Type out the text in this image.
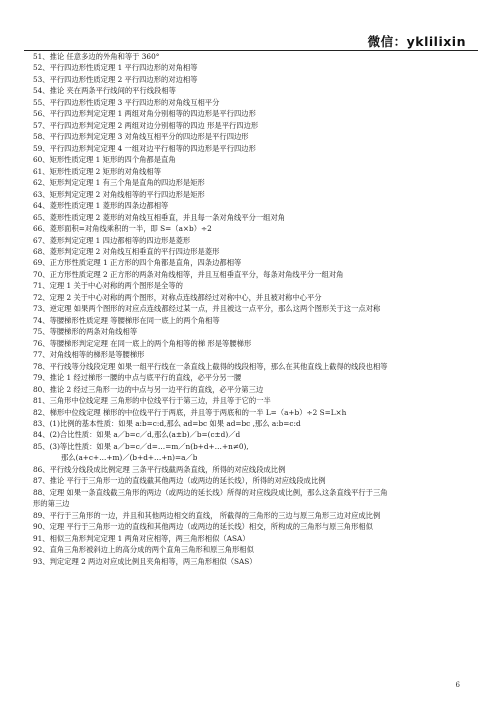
微信：yklilixin
51、推论 任意多边的外角和等于 360°
52、平行四边形性质定理 1 平行四边形的对角相等
53、平行四边形性质定理 2 平行四边形的对边相等
54、推论 夹在两条平行线间的平行线段相等
55、平行四边形性质定理 3 平行四边形的对角线互相平分
56、平行四边形判定定理 1 两组对角分别相等的四边形是平行四边形
57、平行四边形判定定理 2 两组对边分别相等的四边 形是平行四边形
58、平行四边形判定定理 3 对角线互相平分的四边形是平行四边形
59、平行四边形判定定理 4 一组对边平行相等的四边形是平行四边形
60、矩形性质定理 1 矩形的四个角都是直角
61、矩形性质定理 2 矩形的对角线相等
62、矩形判定定理 1 有三个角是直角的四边形是矩形
63、矩形判定定理 2 对角线相等的平行四边形是矩形
64、菱形性质定理 1 菱形的四条边都相等
65、菱形性质定理 2 菱形的对角线互相垂直，并且每一条对角线平分一组对角
66、菱形面积=对角线乘积的一半，即 S=（a×b）÷2
67、菱形判定定理 1 四边都相等的四边形是菱形
68、菱形判定定理 2 对角线互相垂直的平行四边形是菱形
69、正方形性质定理 1 正方形的四个角都是直角，四条边都相等
70、正方形性质定理 2 正方形的两条对角线相等，并且互相垂直平分，每条对角线平分一组对角
71、定理 1 关于中心对称的两个图形是全等的
72、定理 2 关于中心对称的两个图形，对称点连线都经过对称中心，并且被对称中心平分
73、逆定理 如果两个图形的对应点连线都经过某一点，并且被这一点平分，那么这两个图形关于这一点对称
74、等腰梯形性质定理 等腰梯形在同一底上的两个角相等
75、等腰梯形的两条对角线相等
76、等腰梯形判定定理 在同一底上的两个角相等的梯 形是等腰梯形
77、对角线相等的梯形是等腰梯形
78、平行线等分线段定理 如果一组平行线在一条直线上截得的线段相等，那么在其他直线上截得的线段也相等
79、推论 1 经过梯形一腰的中点与底平行的直线，必平分另一腰
80、推论 2 经过三角形一边的中点与另一边平行的直线，必平分第三边
81、三角形中位线定理 三角形的中位线平行于第三边，并且等于它的一半
82、梯形中位线定理 梯形的中位线平行于两底，并且等于两底和的一半 L=（a+b）÷2 S=L×h
83、(1)比例的基本性质：如果 a:b=c:d,那么 ad=bc 如果 ad=bc ,那么 a:b=c:d
84、(2)合比性质：如果 a／b=c／d,那么(a±b)／b=(c±d)／d
85、(3)等比性质：如果 a／b=c／d=…=m／n(b+d+…+n≠0),
那么(a+c+…+m)／(b+d+…+n)=a／b
86、平行线分线段成比例定理 三条平行线截两条直线，所得的对应线段成比例
87、推论 平行于三角形一边的直线截其他两边（或两边的延长线），所得的对应线段成比例
88、定理 如果一条直线截三角形的两边（或两边的延长线）所得的对应线段成比例，那么这条直线平行于三角
形的第三边
89、平行于三角形的一边，并且和其他两边相交的直线， 所截得的三角形的三边与原三角形三边对应成比例
90、定理 平行于三角形一边的直线和其他两边（或两边的延长线）相交，所构成的三角形与原三角形相似
91、相似三角形判定定理 1 两角对应相等，两三角形相似（ASA）
92、直角三角形被斜边上的高分成的两个直角三角形和原三角形相似
93、判定定理 2 两边对应成比例且夹角相等，两三角形相似（SAS）
6
